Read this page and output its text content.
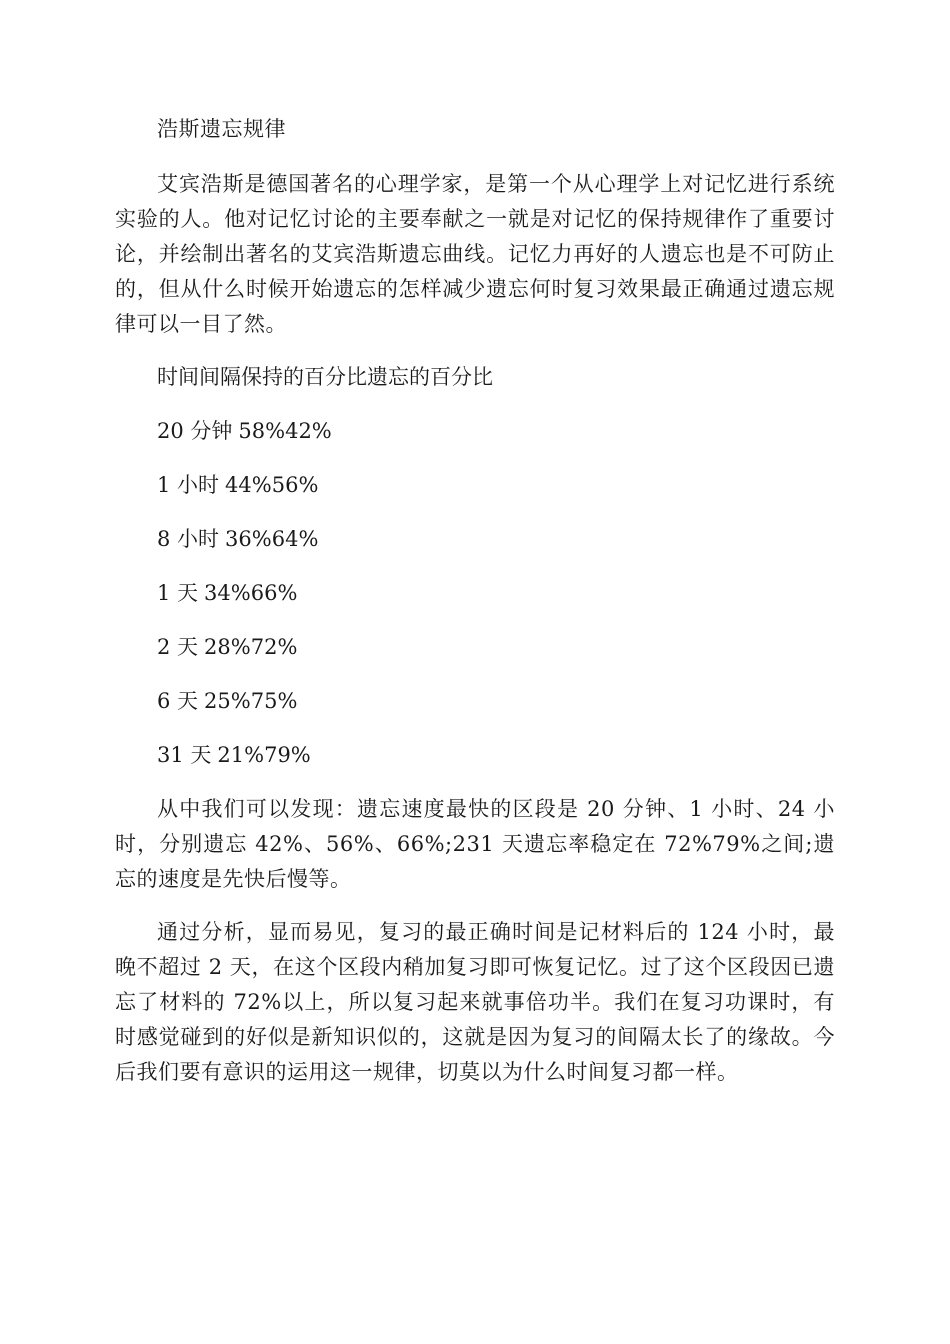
浩斯遗忘规律

艾宾浩斯是德国著名的心理学家，是第一个从心理学上对记忆进行系统实验的人。他对记忆讨论的主要奉献之一就是对记忆的保持规律作了重要讨论，并绘制出著名的艾宾浩斯遗忘曲线。记忆力再好的人遗忘也是不可防止的，但从什么时候开始遗忘的怎样减少遗忘何时复习效果最正确通过遗忘规律可以一目了然。

时间间隔保持的百分比遗忘的百分比

20 分钟 58%42%

1 小时 44%56%

8 小时 36%64%

1 天 34%66%

2 天 28%72%

6 天 25%75%

31 天 21%79%

从中我们可以发现：遗忘速度最快的区段是 20 分钟、1 小时、24 小时，分别遗忘 42%、56%、66%;231 天遗忘率稳定在 72%79%之间;遗忘的速度是先快后慢等。

通过分析，显而易见，复习的最正确时间是记材料后的 124 小时，最晚不超过 2 天，在这个区段内稍加复习即可恢复记忆。过了这个区段因已遗忘了材料的 72%以上，所以复习起来就事倍功半。我们在复习功课时，有时感觉碰到的好似是新知识似的，这就是因为复习的间隔太长了的缘故。今后我们要有意识的运用这一规律，切莫以为什么时间复习都一样。
